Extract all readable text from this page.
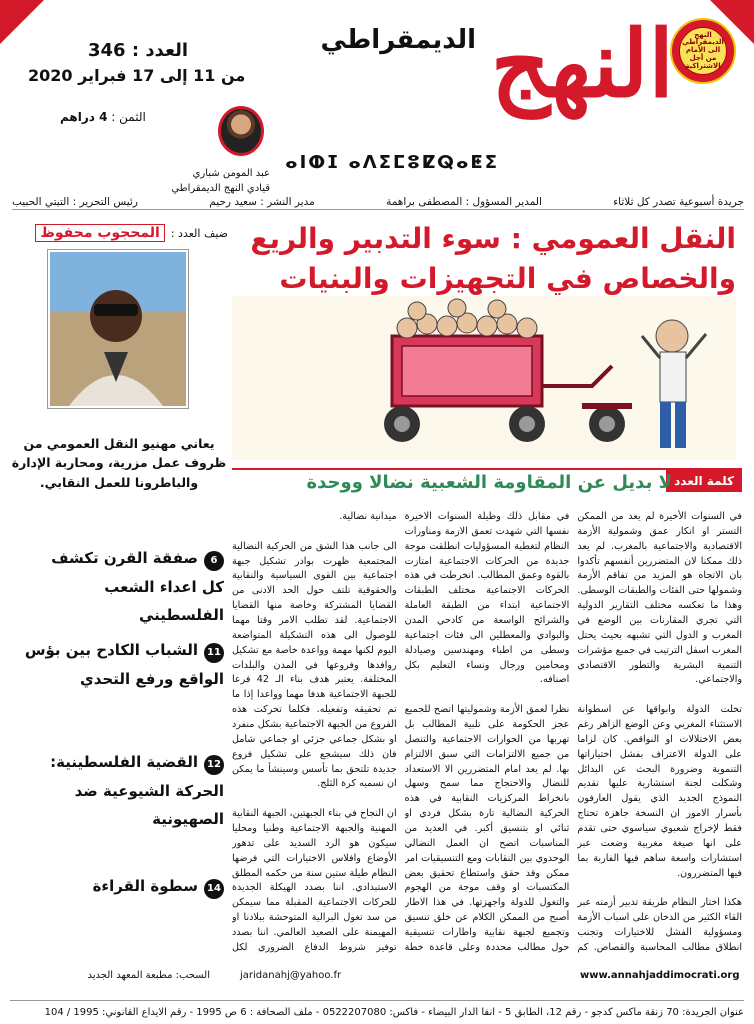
النهج الديمقراطي الى الأمام من أجل الاشتراكية
النهج
الديمقراطي
العدد : 346
من 11 إلى 17 فبراير 2020
الثمن : 4 دراهم
ⴰⵏⵀⵊ ⴰⴷⵉⵎⵓⵇⵕⴰⵟⵉ
عبد المومن شباري
قيادي النهج الديمقراطي
جريدة أسبوعية تصدر كل ثلاثاء
المدير المسؤول : المصطفى براهمة
مدير النشر : سعيد رحيم
رئيس التحرير : التيتي الحبيب
ضيف العدد :
المحجوب محفوظ
يعاني مهنيو النقل العمومي من ظروف عمل مزرية، ومحاربة الإدارة والباطرونا للعمل النقابي.
النقل العمومي : سوء التدبير والريع
والخصاص في التجهيزات والبنيات
6صفقة القرن تكشف كل اعداء الشعب الفلسطيني
11الشباب الكادح بين بؤس الواقع ورفع التحدي
12القضية الفلسطينية: الحركة الشيوعية ضد الصهيونية
14سطوة القراءة
كلمة العدد
لا بديل عن المقاومة الشعبية نضالا ووحدة
في السنوات الأخيرة لم يعد من الممكن التستر او انكار عمق وشمولية الأزمة الاقتصادية والاجتماعية بالمغرب. لم يعد ذلك ممكنا لان المتضررين أنفسهم تأكدوا بان الاتجاه هو المزيد من تفاقم الأزمة وشمولها حتى الفئات والطبقات الوسطى. وهذا ما تعكسه مختلف التقارير الدولية التي تجري المقارنات بين الوضع في المغرب و الدول التي تشبهه بحيث يحتل المغرب اسفل الترتيب في جميع مؤشرات التنمية البشرية والتطور الاقتصادي والاجتماعي.

تخلت الدولة وابواقها عن اسطوانة الاستثناء المغربي وعن الوضع الزاهر رغم بعض الاختلالات او النواقص. كان لزاما على الدولة الاعتراف بفشل اختياراتها التنموية وضرورة البحث عن البدائل وشكلت لجنة استشارية عليها تقديم النموذج الجديد الذي يقول العارفون بأسرار الامور ان النسخة جاهزة تحتاج فقط لإخراج شعبوي سياسوي حتى تقدم على انها صيغة مغربية وضعت عبر استشارات واسعة ساهم فيها الفاربة بما فيها المتضررون.

هكذا اختار النظام طريقة تدبير أزمته عبر القاء الكثير من الدخان على اسباب الأزمة ومسؤولية الفشل للاختيارات وتجنب انطلاق مطالب المحاسبة والقصاص. كم
في مقابل ذلك وطيلة السنوات الاخيرة نفسها التي شهدت تعمق الازمة ومناورات النظام لتغطية المسؤوليات انطلقت موجة جديدة من الحركات الاجتماعية امتازت بالقوة وعمق المطالب. انخرطت في هذه الحركات الاجتماعية مختلف الطبقات الاجتماعية ابتداء من الطبقة العاملة والشرائح الواسعة من كادحي المدن والبوادي والمعطلين الى فئات اجتماعية وسطى من اطباء ومهندسين وصيادلة ومحامين ورجال ونساء التعليم بكل اصنافه.

نظرا لعمق الأزمة وشموليتها اتضح للجميع عجز الحكومة على تلبية المطالب بل تهربها من الحوارات الاجتماعية والتنصل من جميع الالتزامات التي سبق الالتزام بها. لم يعد امام المتضررين الا الاستعداد للنضال والاحتجاج مما سمح وسهل بانخراط المركزيات النقابية في هذه الحركية النضالية تارة بشكل فردي او ثنائي او بتنسيق أكبر. في العديد من المناسبات اتضح ان العمل النضالي الوحدوي بين النقابات ومع التنسيقيات امر ممكن وقد حقق واستطاع تحقيق بعض المكتسبات او وقف موجة من الهجوم والتغول للدولة واجهزتها. في هذا الاطار أصبح من الممكن الكلام عن خلق تنسيق وتجميع لجبهة نقابية واطارات تنسيقية حول مطالب محددة وعلى قاعدة خطة
ميدانية نضالية.

الى جانب هذا الشق من الحركية النضالية المجتمعية ظهرت بوادر تشكيل جبهة اجتماعية بين القوى السياسية والنقابية والحقوقية تلتف حول الحد الادنى من القضايا المشتركة وخاصة منها القضايا الاجتماعية. لقد تطلب الامر وقتا مهما للوصول الى هذه التشكيلة المتواضعة اليوم لكنها مهمة وواعدة خاصة مع تشكيل روافدها وفروعها في المدن والبلدات المختلفة. يعتبر هدف بناء الـ 42 فرعا للجبهة الاجتماعية هدفا مهما وواعدا إذا ما تم تحقيقه وتفعيله. فكلما تحركت هذه الفروع من الجبهة الاجتماعية بشكل منفرد او بشكل جماعي جزئي او جماعي شامل فان ذلك سيشجع على تشكيل فروع جديدة تلتحق بما تأسس وسينشأ ما يمكن ان نسميه كرة الثلج.

ان النجاح في بناء الجبهتين، الجبهة النقابية المهنية والجبهة الاجتماعية وطنيا ومحليا سيكون هو الرد السديد على تدهور الأوضاع وافلاس الاختيارات التي فرضها النظام طيلة ستين سنة من حكمه المطلق الاستبدادي. اننا بصدد الهيكلة الجديدة للحركات الاجتماعية المقبلة مما سيمكن من سد تغول البرالية المتوحشة ببلادنا او المهيمنة على الصعيد العالمي. اننا بصدد توفير شروط الدفاع الضروري لكل
السحب: مطبعة المعهد الجديد	jaridanahj@yahoo.fr	www.annahjaddimocrati.org
عنوان الجريدة: 70 زنقة ماكس كدجو - رقم 12، الطابق 5 - انفا الدار البيضاء - فاكس: 0522207080 - ملف الصحافة : 6 ص 1995 - رقم الايداع القانوني: 1995 / 104
